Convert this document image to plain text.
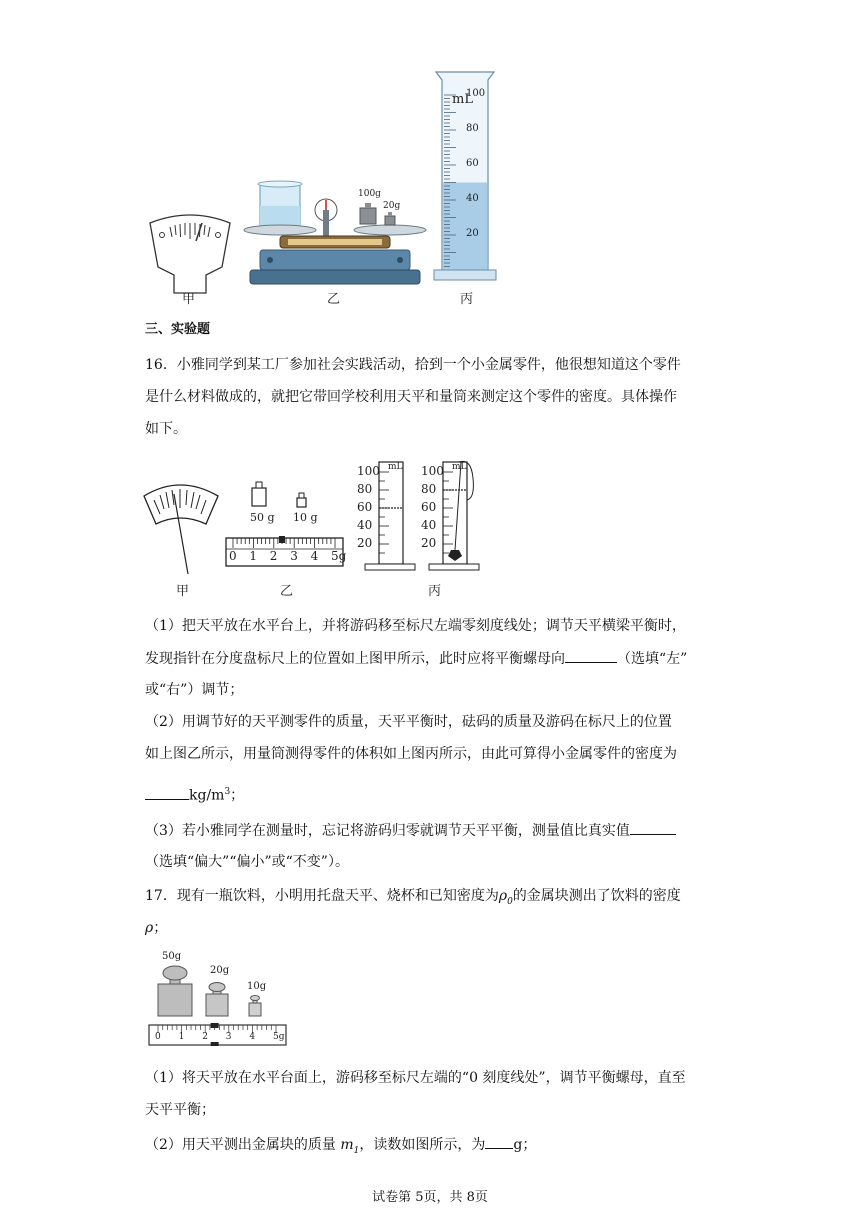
甲
100g
20g
乙
mL
100
80
60
40
20
丙
三、实验题
16．小雅同学到某工厂参加社会实践活动，拾到一个小金属零件，他很想知道这个零件
是什么材料做成的，就把它带回学校利用天平和量筒来测定这个零件的密度。具体操作
如下。
甲
50 g 10 g
0 1 2 3 4 5g
乙
100	100
80	80
60	60
40	40
20	20
mL	mL
丙
（1）把天平放在水平台上，并将游码移至标尺左端零刻度线处；调节天平横梁平衡时，
发现指针在分度盘标尺上的位置如上图甲所示，此时应将平衡螺母向	（选填“左”
或“右”）调节；
（2）用调节好的天平测零件的质量，天平平衡时，砝码的质量及游码在标尺上的位置
如上图乙所示，用量筒测得零件的体积如上图丙所示，由此可算得小金属零件的密度为
$kg/m^3$；
（3）若小雅同学在测量时，忘记将游码归零就调节天平平衡，测量值比真实值
（选填“偏大”“偏小”或“不变”）。
17．现有一瓶饮料，小明用托盘天平、烧杯和已知密度为$\rho_0$的金属块测出了饮料的密度
ρ；
50g
20g
10g
0 1 2 3 4 5g
（1）将天平放在水平台面上，游码移至标尺左端的“0 刻度线处”，调节平衡螺母，直至
天平平衡；
（2）用天平测出金属块的质量 $m_1$，读数如图所示，为 g；
试卷第 5页，共 8页
